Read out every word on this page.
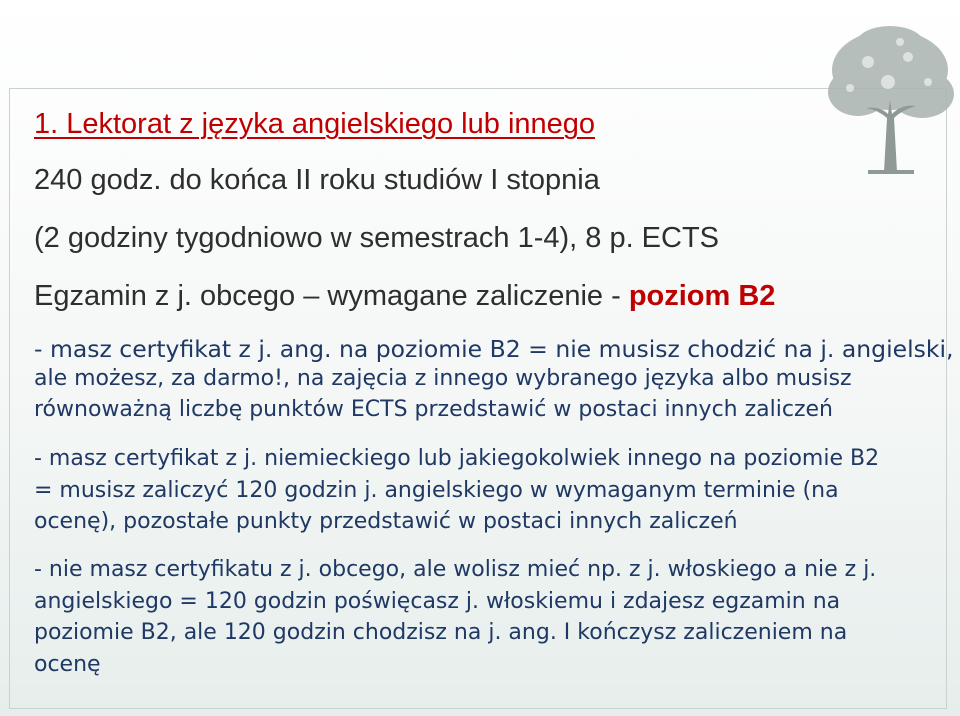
1. Lektorat z języka angielskiego lub innego
240 godz. do końca II roku studiów I stopnia
(2 godziny tygodniowo w semestrach 1-4), 8 p. ECTS
Egzamin z j. obcego – wymagane zaliczenie - poziom B2
- masz certyfikat z j. ang. na poziomie B2 = nie musisz chodzić na j. angielski,
ale możesz, za darmo!, na zajęcia z innego wybranego języka albo musisz
równoważną liczbę punktów ECTS przedstawić w postaci innych zaliczeń
- masz certyfikat z j. niemieckiego lub jakiegokolwiek innego na poziomie B2
= musisz zaliczyć 120 godzin j. angielskiego w wymaganym terminie (na
ocenę), pozostałe punkty przedstawić w postaci innych zaliczeń
- nie masz certyfikatu z j. obcego, ale wolisz mieć np. z j. włoskiego a nie z j.
angielskiego = 120 godzin poświęcasz j. włoskiemu i zdajesz egzamin na
poziomie B2, ale 120 godzin chodzisz na j. ang. I kończysz zaliczeniem na
ocenę
